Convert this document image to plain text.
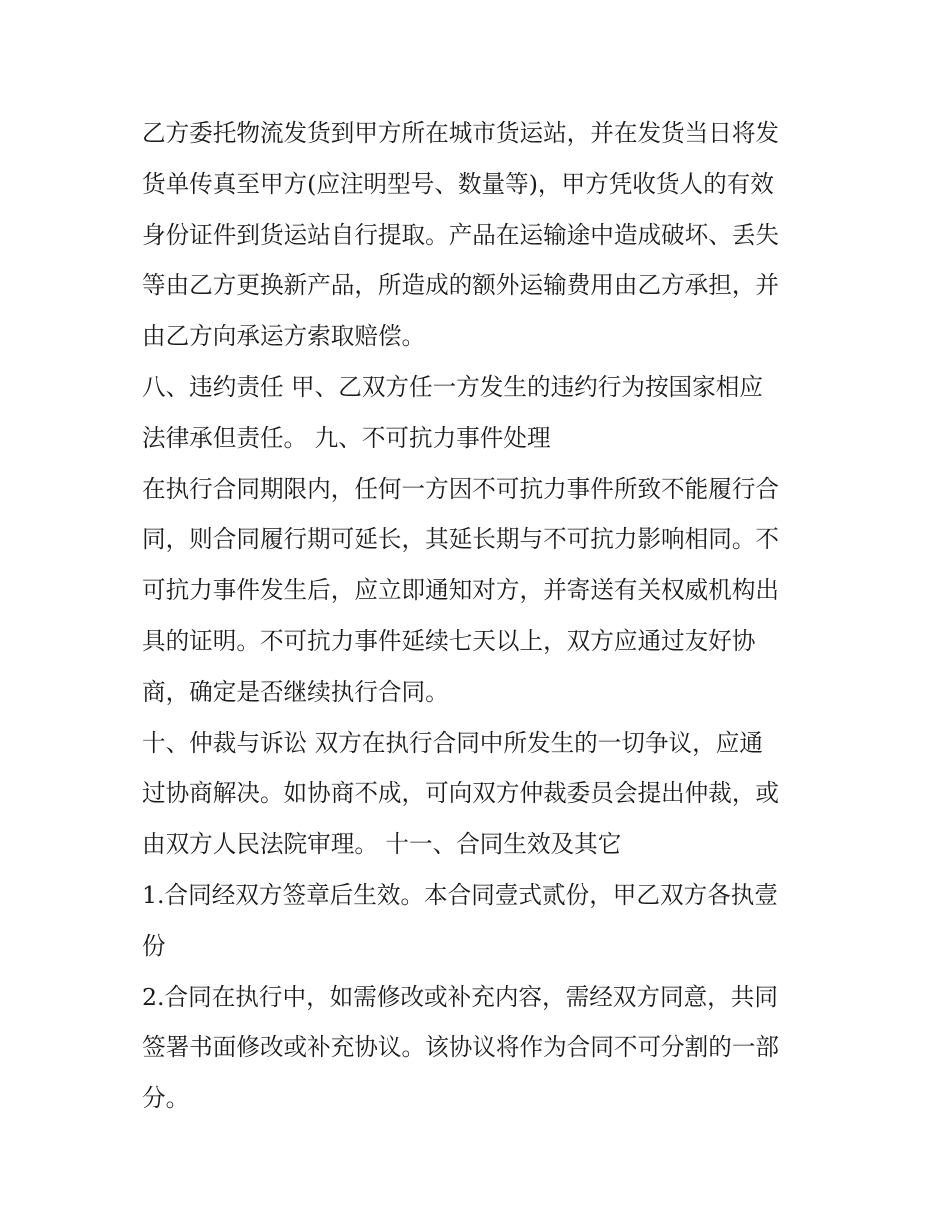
乙方委托物流发货到甲方所在城市货运站，并在发货当日将发
货单传真至甲方(应注明型号、数量等)，甲方凭收货人的有效
身份证件到货运站自行提取。产品在运输途中造成破坏、丢失
等由乙方更换新产品，所造成的额外运输费用由乙方承担，并
由乙方向承运方索取赔偿。
八、违约责任 甲、乙双方任一方发生的违约行为按国家相应
法律承但责任。 九、不可抗力事件处理
在执行合同期限内，任何一方因不可抗力事件所致不能履行合
同，则合同履行期可延长，其延长期与不可抗力影响相同。不
可抗力事件发生后，应立即通知对方，并寄送有关权威机构出
具的证明。不可抗力事件延续七天以上，双方应通过友好协
商，确定是否继续执行合同。
十、仲裁与诉讼 双方在执行合同中所发生的一切争议，应通
过协商解决。如协商不成，可向双方仲裁委员会提出仲裁，或
由双方人民法院审理。 十一、合同生效及其它
1.合同经双方签章后生效。本合同壹式贰份，甲乙双方各执壹
份
2.合同在执行中，如需修改或补充内容，需经双方同意，共同
签署书面修改或补充协议。该协议将作为合同不可分割的一部
分。
